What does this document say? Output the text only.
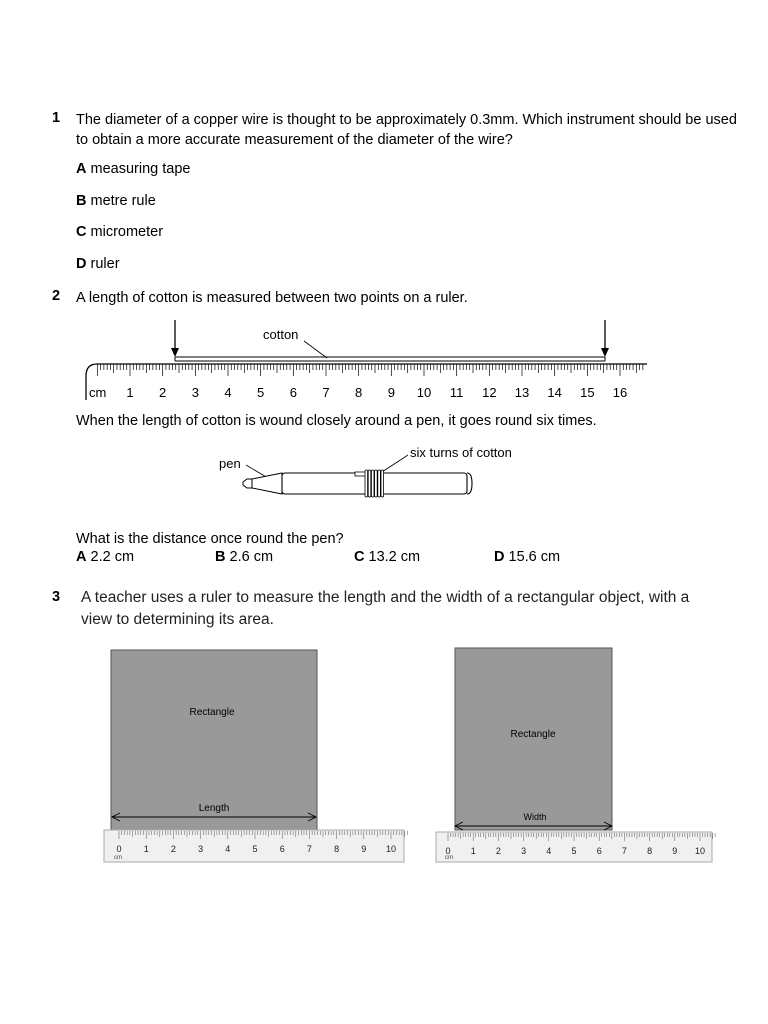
1 The diameter of a copper wire is thought to be approximately 0.3mm. Which instrument should be used to obtain a more accurate measurement of the diameter of the wire?
A measuring tape
B metre rule
C micrometer
D ruler
2 A length of cotton is measured between two points on a ruler.
cotton
cm 1 2 3 4 5 6 7 8 9 10 11 12 13 14 15 16
When the length of cotton is wound closely around a pen, it goes round six times.
pen
six turns of cotton
What is the distance once round the pen?
A 2.2 cm	B 2.6 cm	C 13.2 cm	D 15.6 cm
3 A teacher uses a ruler to measure the length and the width of a rectangular object, with a view to determining its area.
Rectangle
Length
0 1 2 3 4 5 6 7 8 9 10
cm
Rectangle
Width
0 1 2 3 4 5 6 7 8 9 10
cm
